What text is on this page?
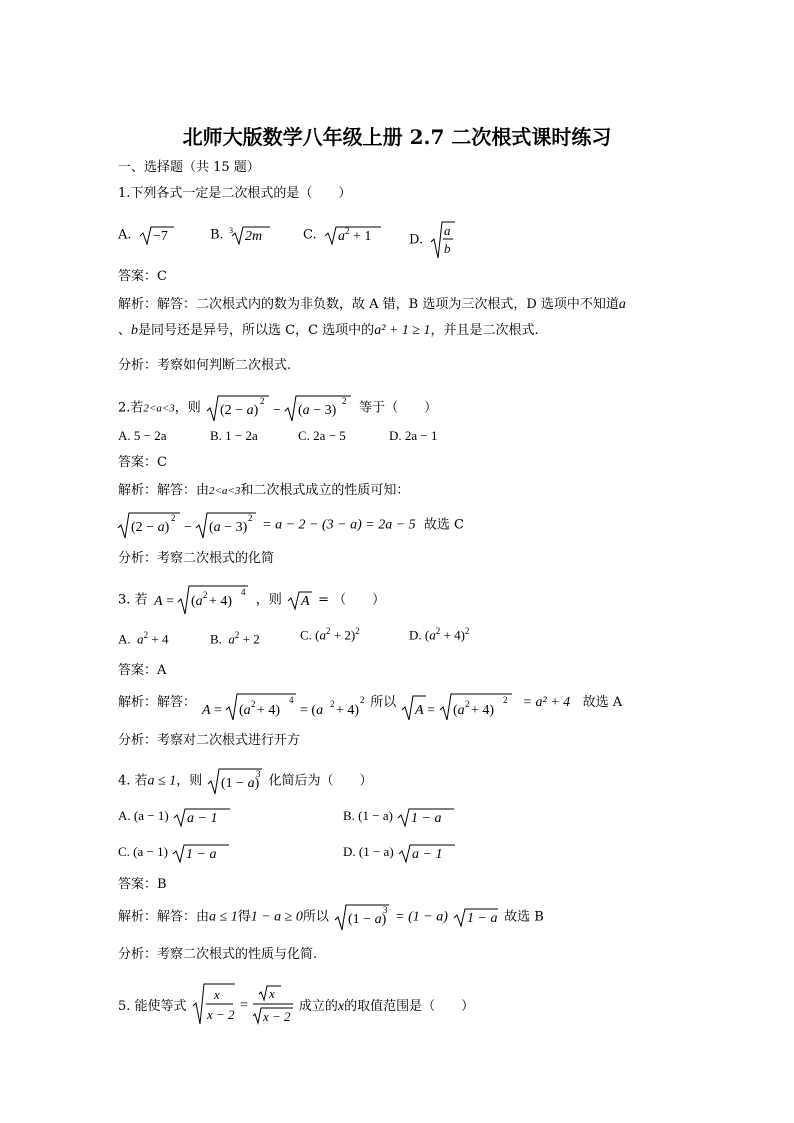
北师大版数学八年级上册 2.7 二次根式课时练习
一、选择题（共 15 题）
1.下列各式一定是二次根式的是（　　）
A. −7	B. 3 2m	C. a 2 + 1	D.
a
b
答案：C
解析：解答：二次根式内的数为非负数，故 A 错，B 选项为三次根式，D 选项中不知道a
、b是同号还是异号，所以选 C，C 选项中的a² + 1 ≥ 1，并且是二次根式.
分析：考察如何判断二次根式.
2.若2<a<3，则 (2 − a)
2
− (a − 3)
2 等于（　　）
A. 5 − 2a	B. 1 − 2a	C. 2a − 5	D. 2a − 1
答案：C
解析：解答：由2<a<3和二次根式成立的性质可知：
(2 − a)
2
− (a − 3)
2 = a − 2 − (3 − a) = 2a − 5 故选 C
分析：考察二次根式的化简
3. 若 A = (a 2 + 4)
4
，则 A = （　　）
A.  $a^2 + 4$	B.  $a^2 + 2$	C. $(a^2 + 2)^2$	D. $(a^2 + 4)^2$
答案：A
解析：解答：
A = (a 2 + 4)
4
= (a 2 + 4)
2 所以
A = (a 2 + 4)
2 = a² + 4 故选 A
分析：考察对二次根式进行开方
4. 若a ≤ 1，则 (1 − a)
3 化简后为（　　）
A. (a − 1) a − 1	B. (1 − a) 1 − a
C. (a − 1) 1 − a	D. (1 − a) a − 1
答案：B
解析：解答：由a ≤ 1得1 − a ≥ 0所以 (1 − a)
3 = (1 − a) 1 − a 故选 B
分析：考察二次根式的性质与化简.
5. 能使等式
x
x − 2
=
x
x − 2
成立的x的取值范围是（　　）
